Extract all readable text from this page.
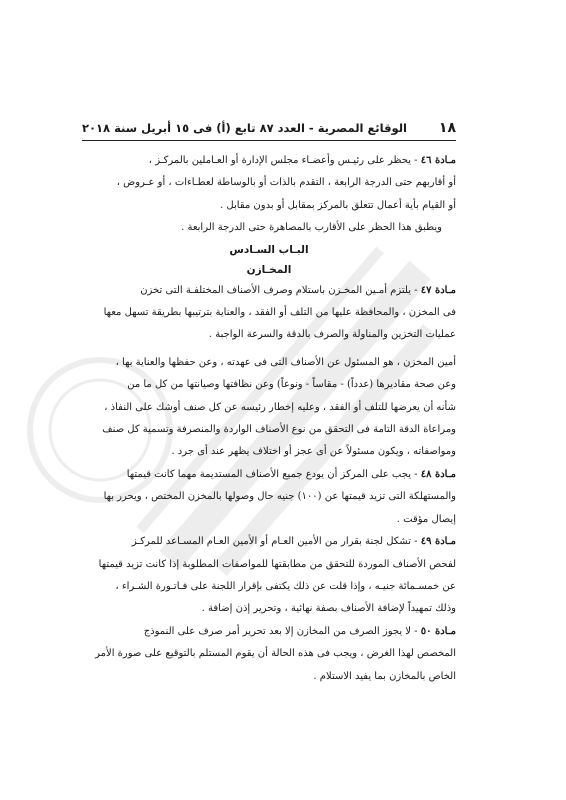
١٨
الوقائع المصرية - العدد ٨٧ تابع (أ) فى ١٥ أبريل سنة ٢٠١٨

مـادة ٤٦ - يحظر على رئيـس وأعضـاء مجلس الإدارة أو العـاملين بالمركـز ،

أو أقاربهم حتى الدرجة الرابعة ، التقدم بالذات أو بالوساطة لعطـاءات ، أو عـروض ،

أو القيام بأية أعمال تتعلق بالمركز بمقابل أو بدون مقابل .

ويطبق هذا الحظر على الأقارب بالمصاهرة حتى الدرجة الرابعة .

البـاب السـادس
المخـازن

مـادة ٤٧ - يلتزم أمـين المخـزن باستلام وصرف الأصناف المختلفـة التى تخزن

فى المخزن ، والمحافظة عليها من التلف أو الفقد ، والعناية بترتيبها بطريقة تسهل معها

عمليات التخزين والمناولة والصرف بالدقة والسرعة الواجبة .

أمين المخزن ، هو المسئول عن الأصناف التى فى عهدته ، وعن حفظها والعناية بها ،

وعن صحة مقاديرها (عدداً) - مقاساً - ونوعاً) وعن نظافتها وصيانتها من كل ما من

شأنه أن يعرضها للتلف أو الفقد ، وعليه إخطار رئيسه عن كل صنف أوشك على النفاذ ،

ومراعاة الدقة التامة فى التحقق من نوع الأصناف الواردة والمنصرفة وتسمية كل صنف

ومواصفاته ، ويكون مسئولاً عن أى عجز أو اختلاف يظهر عند أى جرد .

مـادة ٤٨ - يجب على المركز أن يودع جميع الأصناف المستديمة مهما كانت قيمتها

والمستهلكة التى تزيد قيمتها عن (١٠٠) جنيه حال وصولها بالمخزن المختص ، ويحرر بها

إيصال مؤقت .

مـادة ٤٩ - تشكل لجنة بقرار من الأمين العـام أو الأمين العـام المسـاعد للمركـز

لفحص الأصناف الموردة للتحقق من مطابقتها للمواصفات المطلوبة إذا كانت تزيد قيمتها

عن خمسـمائة جنيـه ، وإذا قلت عن ذلك يكتفى بإقرار اللجنة على فـاتـورة الشـراء ،

وذلك تمهيداً لإضافة الأصناف بصفة نهائية ، وتحرير إذن إضافة .

مـادة ٥٠ - لا يجوز الصرف من المخازن إلا بعد تحرير أمر صرف على النموذج

المخصص لهذا الغرض ، ويجب فى هذه الحالة أن يقوم المستلم بالتوقيع على صورة الأمر

الخاص بالمخازن بما يفيد الاستلام .
